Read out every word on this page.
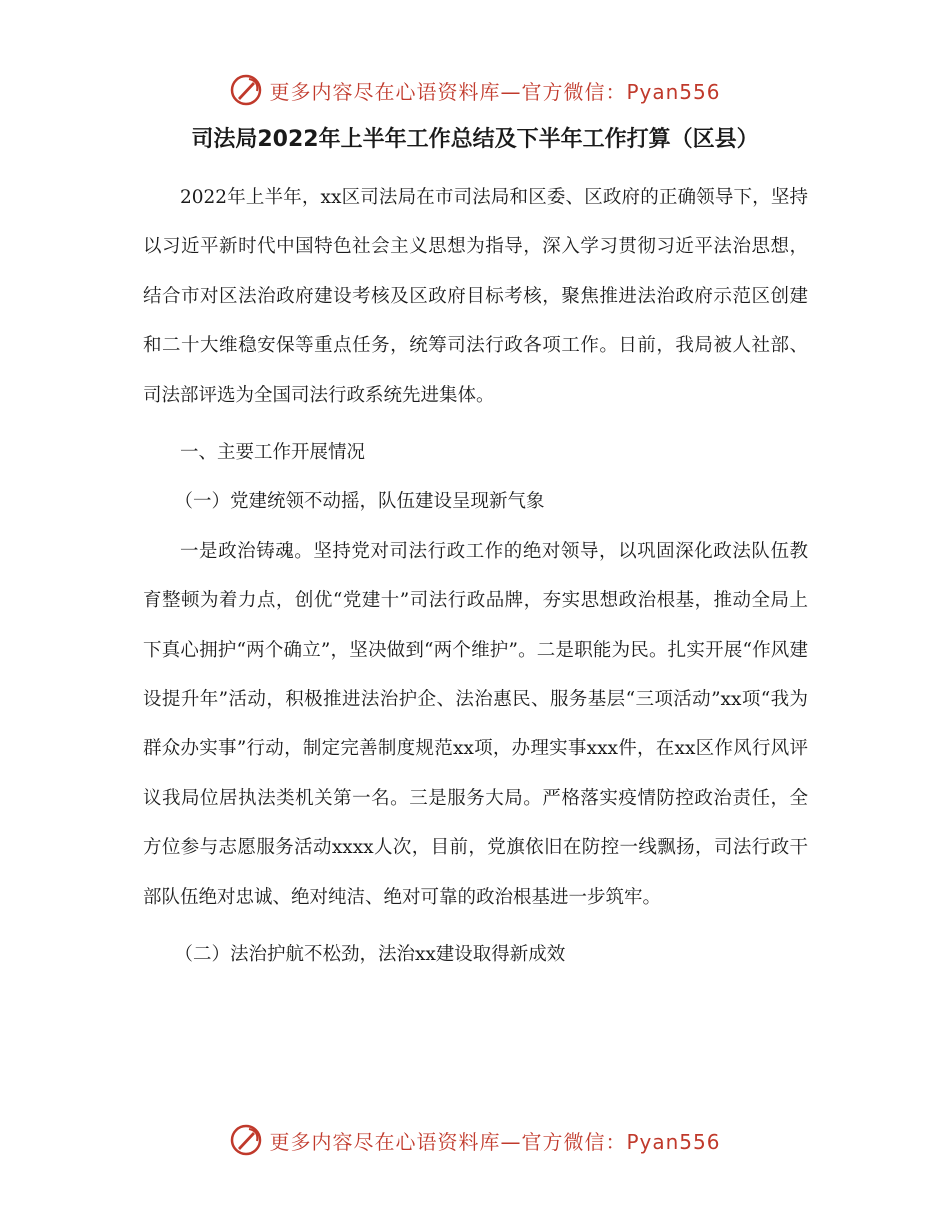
更多内容尽在心语资料库—官方微信：Pyan556
司法局2022年上半年工作总结及下半年工作打算（区县）

2022年上半年，xx区司法局在市司法局和区委、区政府的正确领导下，坚持以习近平新时代中国特色社会主义思想为指导，深入学习贯彻习近平法治思想，结合市对区法治政府建设考核及区政府目标考核，聚焦推进法治政府示范区创建和二十大维稳安保等重点任务，统筹司法行政各项工作。日前，我局被人社部、司法部评选为全国司法行政系统先进集体。

一、主要工作开展情况

（一）党建统领不动摇，队伍建设呈现新气象

一是政治铸魂。坚持党对司法行政工作的绝对领导，以巩固深化政法队伍教育整顿为着力点，创优“党建十”司法行政品牌，夯实思想政治根基，推动全局上下真心拥护“两个确立”，坚决做到“两个维护”。二是职能为民。扎实开展“作风建设提升年”活动，积极推进法治护企、法治惠民、服务基层“三项活动”xx项“我为群众办实事”行动，制定完善制度规范xx项，办理实事xxx件，在xx区作风行风评议我局位居执法类机关第一名。三是服务大局。严格落实疫情防控政治责任，全方位参与志愿服务活动xxxx人次，目前，党旗依旧在防控一线飘扬，司法行政干部队伍绝对忠诚、绝对纯洁、绝对可靠的政治根基进一步筑牢。

（二）法治护航不松劲，法治xx建设取得新成效

更多内容尽在心语资料库—官方微信：Pyan556
